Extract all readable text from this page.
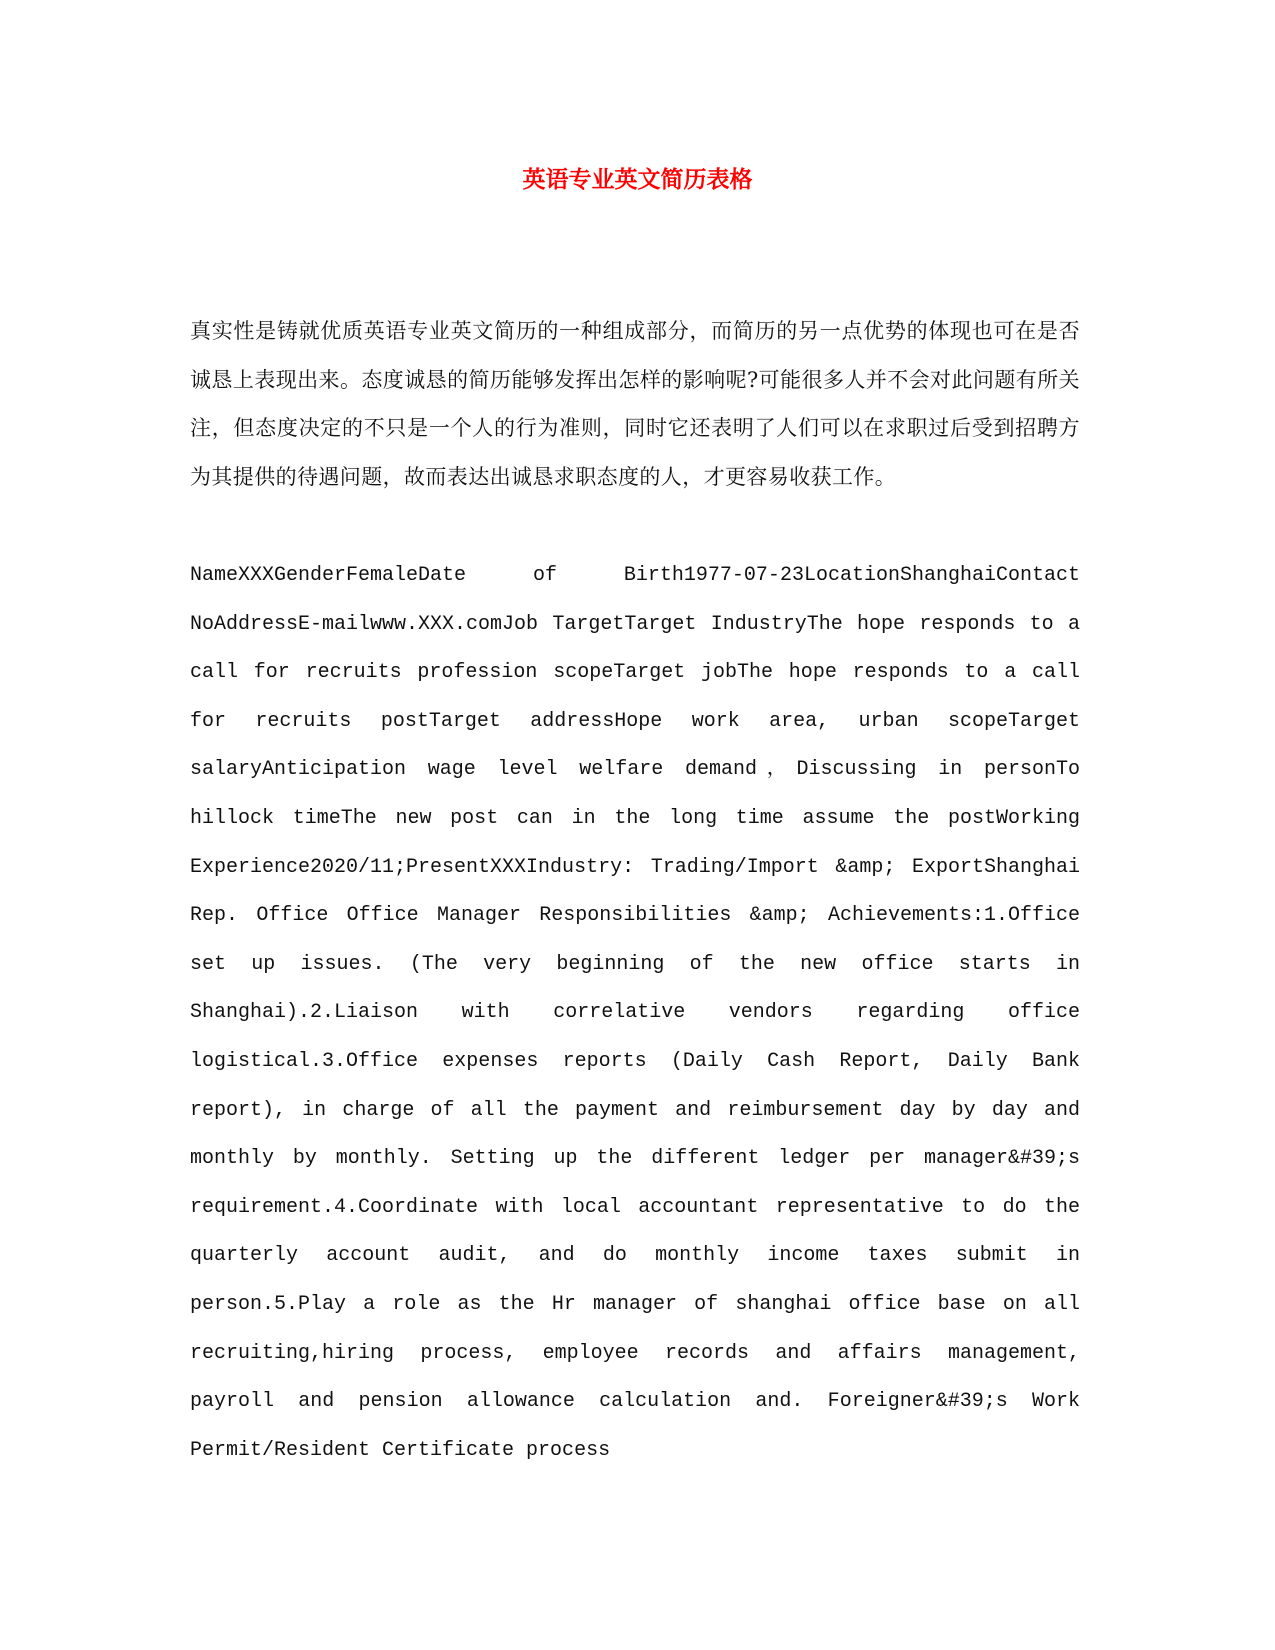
英语专业英文简历表格

真实性是铸就优质英语专业英文简历的一种组成部分，而简历的另一点优势的体现也可在是否诚恳上表现出来。态度诚恳的简历能够发挥出怎样的影响呢?可能很多人并不会对此问题有所关注，但态度决定的不只是一个人的行为准则，同时它还表明了人们可以在求职过后受到招聘方为其提供的待遇问题，故而表达出诚恳求职态度的人，才更容易收获工作。

NameXXXGenderFemaleDate of Birth1977-07-23LocationShanghaiContact NoAddressE-mailwww.XXX.comJob TargetTarget IndustryThe hope responds to a call for recruits profession scopeTarget jobThe hope responds to a call for recruits postTarget addressHope work area, urban scopeTarget salaryAnticipation wage level welfare demand，Discussing in personTo hillock timeThe new post can in the long time assume the postWorking Experience2020/11;PresentXXXIndustry: Trading/Import &amp; ExportShanghai Rep. Office Office Manager Responsibilities &amp; Achievements:1.Office set up issues. (The very beginning of the new office starts in Shanghai).2.Liaison with correlative vendors regarding office logistical.3.Office expenses reports (Daily Cash Report, Daily Bank report), in charge of all the payment and reimbursement day by day and monthly by monthly. Setting up the different ledger per manager&#39;s requirement.4.Coordinate with local accountant representative to do the quarterly account audit, and do monthly income taxes submit in person.5.Play a role as the Hr manager of shanghai office base on all recruiting,hiring process, employee records and affairs management, payroll and pension allowance calculation and. Foreigner&#39;s Work Permit/Resident Certificate process
